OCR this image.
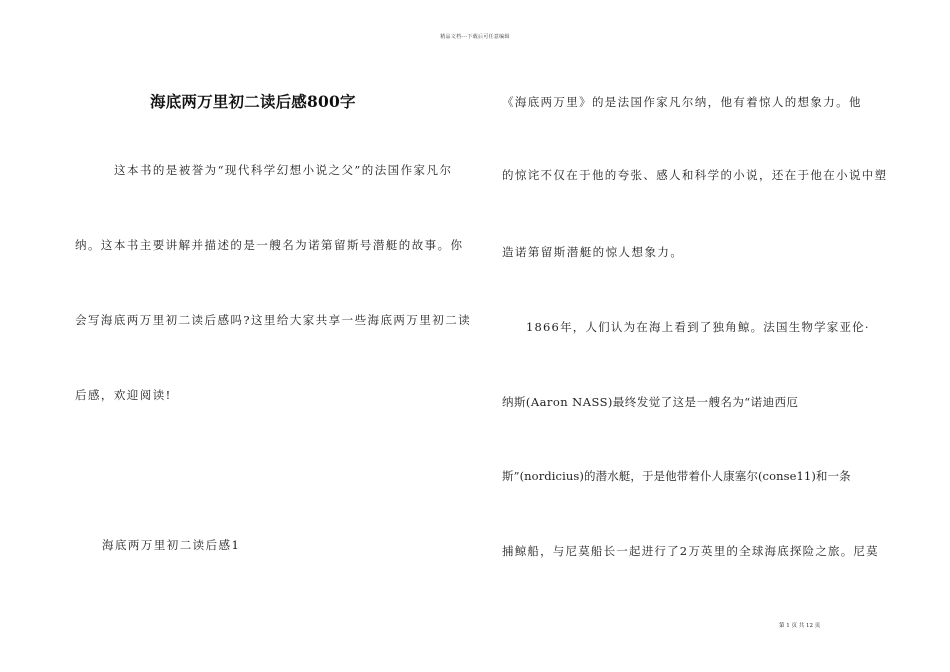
精品文档---下载后可任意编辑
海底两万里初二读后感800字
这本书的是被誉为“现代科学幻想小说之父”的法国作家凡尔
纳。这本书主要讲解并描述的是一艘名为诺第留斯号潜艇的故事。你
会写海底两万里初二读后感吗?这里给大家共享一些海底两万里初二读
后感，欢迎阅读!
海底两万里初二读后感1
《海底两万里》的是法国作家凡尔纳，他有着惊人的想象力。他
的惊诧不仅在于他的夸张、感人和科学的小说，还在于他在小说中塑
造诺第留斯潜艇的惊人想象力。
1866年，人们认为在海上看到了独角鲸。法国生物学家亚伦·
纳斯(Aaron NASS)最终发觉了这是一艘名为“诺迪西厄
斯”(nordicius)的潜水艇，于是他带着仆人康塞尔(conse11)和一条
捕鲸船，与尼莫船长一起进行了2万英里的全球海底探险之旅。尼莫
第 1 页 共 12 页
